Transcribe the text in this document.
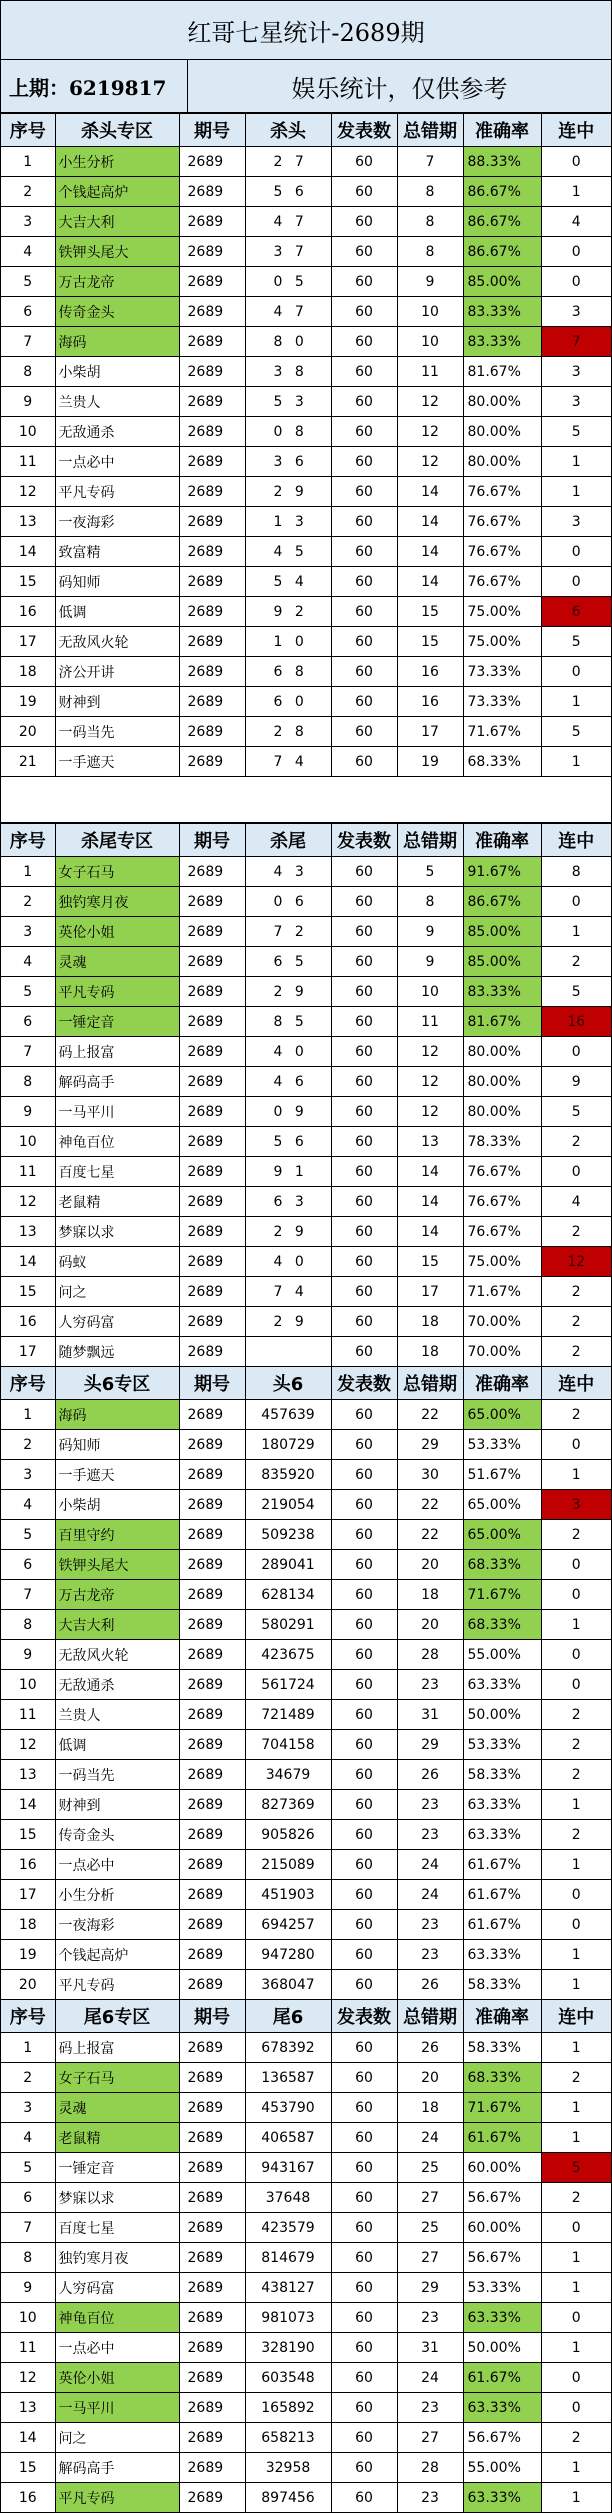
红哥七星统计-2689期
上期：6219817	娱乐统计，仅供参考
序号	杀头专区	期号	杀头	发表数	总错期	准确率	连中
1	小生分析	2689	2 7	60	7	88.33%	0
2	个钱起高炉	2689	5 6	60	8	86.67%	1
3	大吉大利	2689	4 7	60	8	86.67%	4
4	铁钾头尾大	2689	3 7	60	8	86.67%	0
5	万古龙帝	2689	0 5	60	9	85.00%	0
6	传奇金头	2689	4 7	60	10	83.33%	3
7	海码	2689	8 0	60	10	83.33%	7
8	小柴胡	2689	3 8	60	11	81.67%	3
9	兰贵人	2689	5 3	60	12	80.00%	3
10	无敌通杀	2689	0 8	60	12	80.00%	5
11	一点必中	2689	3 6	60	12	80.00%	1
12	平凡专码	2689	2 9	60	14	76.67%	1
13	一夜海彩	2689	1 3	60	14	76.67%	3
14	致富精	2689	4 5	60	14	76.67%	0
15	码知师	2689	5 4	60	14	76.67%	0
16	低调	2689	9 2	60	15	75.00%	6
17	无敌风火轮	2689	1 0	60	15	75.00%	5
18	济公开讲	2689	6 8	60	16	73.33%	0
19	财神到	2689	6 0	60	16	73.33%	1
20	一码当先	2689	2 8	60	17	71.67%	5
21	一手遮天	2689	7 4	60	19	68.33%	1
序号	杀尾专区	期号	杀尾	发表数	总错期	准确率	连中
1	女子石马	2689	4 3	60	5	91.67%	8
2	独钓寒月夜	2689	0 6	60	8	86.67%	0
3	英伦小姐	2689	7 2	60	9	85.00%	1
4	灵魂	2689	6 5	60	9	85.00%	2
5	平凡专码	2689	2 9	60	10	83.33%	5
6	一锤定音	2689	8 5	60	11	81.67%	16
7	码上报富	2689	4 0	60	12	80.00%	0
8	解码高手	2689	4 6	60	12	80.00%	9
9	一马平川	2689	0 9	60	12	80.00%	5
10	神龟百位	2689	5 6	60	13	78.33%	2
11	百度七星	2689	9 1	60	14	76.67%	0
12	老鼠精	2689	6 3	60	14	76.67%	4
13	梦寐以求	2689	2 9	60	14	76.67%	2
14	码蚁	2689	4 0	60	15	75.00%	12
15	问之	2689	7 4	60	17	71.67%	2
16	人穷码富	2689	2 9	60	18	70.00%	2
17	随梦飘远	2689		60	18	70.00%	2
序号	头6专区	期号	头6	发表数	总错期	准确率	连中
1	海码	2689	457639	60	22	65.00%	2
2	码知师	2689	180729	60	29	53.33%	0
3	一手遮天	2689	835920	60	30	51.67%	1
4	小柴胡	2689	219054	60	22	65.00%	3
5	百里守约	2689	509238	60	22	65.00%	2
6	铁钾头尾大	2689	289041	60	20	68.33%	0
7	万古龙帝	2689	628134	60	18	71.67%	0
8	大吉大利	2689	580291	60	20	68.33%	1
9	无敌风火轮	2689	423675	60	28	55.00%	0
10	无敌通杀	2689	561724	60	23	63.33%	0
11	兰贵人	2689	721489	60	31	50.00%	2
12	低调	2689	704158	60	29	53.33%	2
13	一码当先	2689	34679	60	26	58.33%	2
14	财神到	2689	827369	60	23	63.33%	1
15	传奇金头	2689	905826	60	23	63.33%	2
16	一点必中	2689	215089	60	24	61.67%	1
17	小生分析	2689	451903	60	24	61.67%	0
18	一夜海彩	2689	694257	60	23	61.67%	0
19	个钱起高炉	2689	947280	60	23	63.33%	1
20	平凡专码	2689	368047	60	26	58.33%	1
序号	尾6专区	期号	尾6	发表数	总错期	准确率	连中
1	码上报富	2689	678392	60	26	58.33%	1
2	女子石马	2689	136587	60	20	68.33%	2
3	灵魂	2689	453790	60	18	71.67%	1
4	老鼠精	2689	406587	60	24	61.67%	1
5	一锤定音	2689	943167	60	25	60.00%	5
6	梦寐以求	2689	37648	60	27	56.67%	2
7	百度七星	2689	423579	60	25	60.00%	0
8	独钓寒月夜	2689	814679	60	27	56.67%	1
9	人穷码富	2689	438127	60	29	53.33%	1
10	神龟百位	2689	981073	60	23	63.33%	0
11	一点必中	2689	328190	60	31	50.00%	1
12	英伦小姐	2689	603548	60	24	61.67%	0
13	一马平川	2689	165892	60	23	63.33%	0
14	问之	2689	658213	60	27	56.67%	2
15	解码高手	2689	32958	60	28	55.00%	1
16	平凡专码	2689	897456	60	23	63.33%	1
